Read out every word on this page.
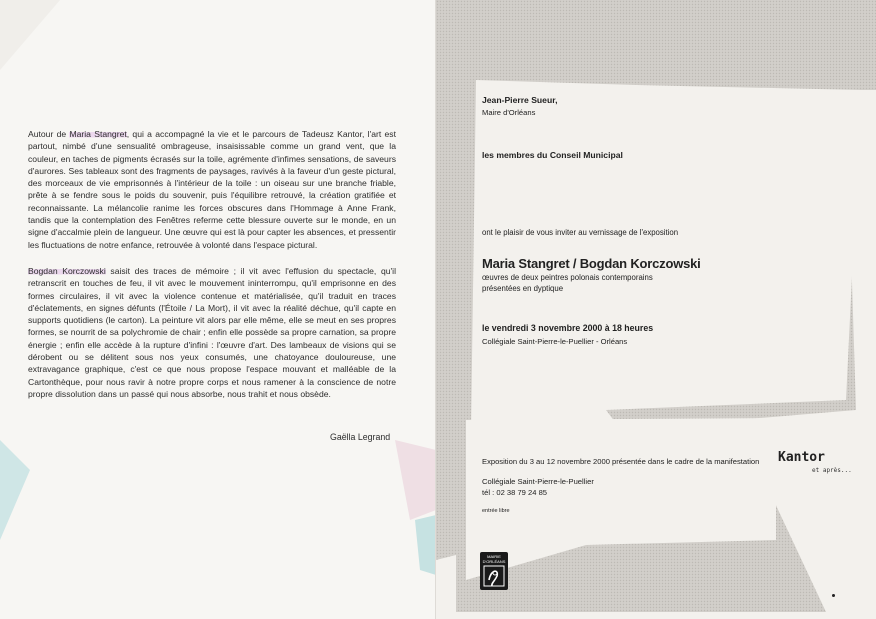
Autour de Maria Stangret, qui a accompagné la vie et le parcours de Tadeusz Kantor, l'art est partout, nimbé d'une sensualité ombrageuse, insaisissable comme un grand vent, que la couleur, en taches de pigments écrasés sur la toile, agrémente d'infimes sensations, de saveurs d'aurores. Ses tableaux sont des fragments de paysages, ravivés à la faveur d'un geste pictural, des morceaux de vie emprisonnés à l'intérieur de la toile : un oiseau sur une branche friable, prête à se fendre sous le poids du souvenir, puis l'équilibre retrouvé, la création gratifiée et reconnaissante. La mélancolie ranime les forces obscures dans l'Hommage à Anne Frank, tandis que la contemplation des Fenêtres referme cette blessure ouverte sur le monde, en un signe d'accalmie plein de langueur. Une œuvre qui est là pour capter les absences, et pressentir les fluctuations de notre enfance, retrouvée à volonté dans l'espace pictural.

Bogdan Korczowski saisit des traces de mémoire ; il vit avec l'effusion du spectacle, qu'il retranscrit en touches de feu, il vit avec le mouvement ininterrompu, qu'il emprisonne en des formes circulaires, il vit avec la violence contenue et matérialisée, qu'il traduit en traces d'éclatements, en signes défunts (l'Étoile / La Mort), il vit avec la réalité déchue, qu'il capte en supports quotidiens (le carton). La peinture vit alors par elle même, elle se meut en ses propres formes, se nourrit de sa polychromie de chair ; enfin elle possède sa propre carnation, sa propre énergie ; enfin elle accède à la rupture d'infini : l'œuvre d'art. Des lambeaux de visions qui se dérobent ou se délitent sous nos yeux consumés, une chatoyance douloureuse, une extravagance graphique, c'est ce que nous propose l'espace mouvant et malléable de la Cartonthèque, pour nous ravir à notre propre corps et nous ramener à la conscience de notre propre dissolution dans un passé qui nous absorbe, nous trahit et nous obsède.

Gaëlla Legrand
Jean-Pierre Sueur,
Maire d'Orléans
les membres du Conseil Municipal
ont le plaisir de vous inviter au vernissage de l'exposition
Maria Stangret / Bogdan Korczowski
œuvres de deux peintres polonais contemporains
présentées en dyptique
le vendredi 3 novembre 2000 à 18 heures
Collégiale Saint-Pierre-le-Puellier - Orléans
Exposition du 3 au 12 novembre 2000 présentée dans le cadre de la manifestation
Collégiale Saint-Pierre-le-Puellier
tél : 02 38 79 24 85
entrée libre
Kantor
et après...
MAIRIE D'ORLÉANS
